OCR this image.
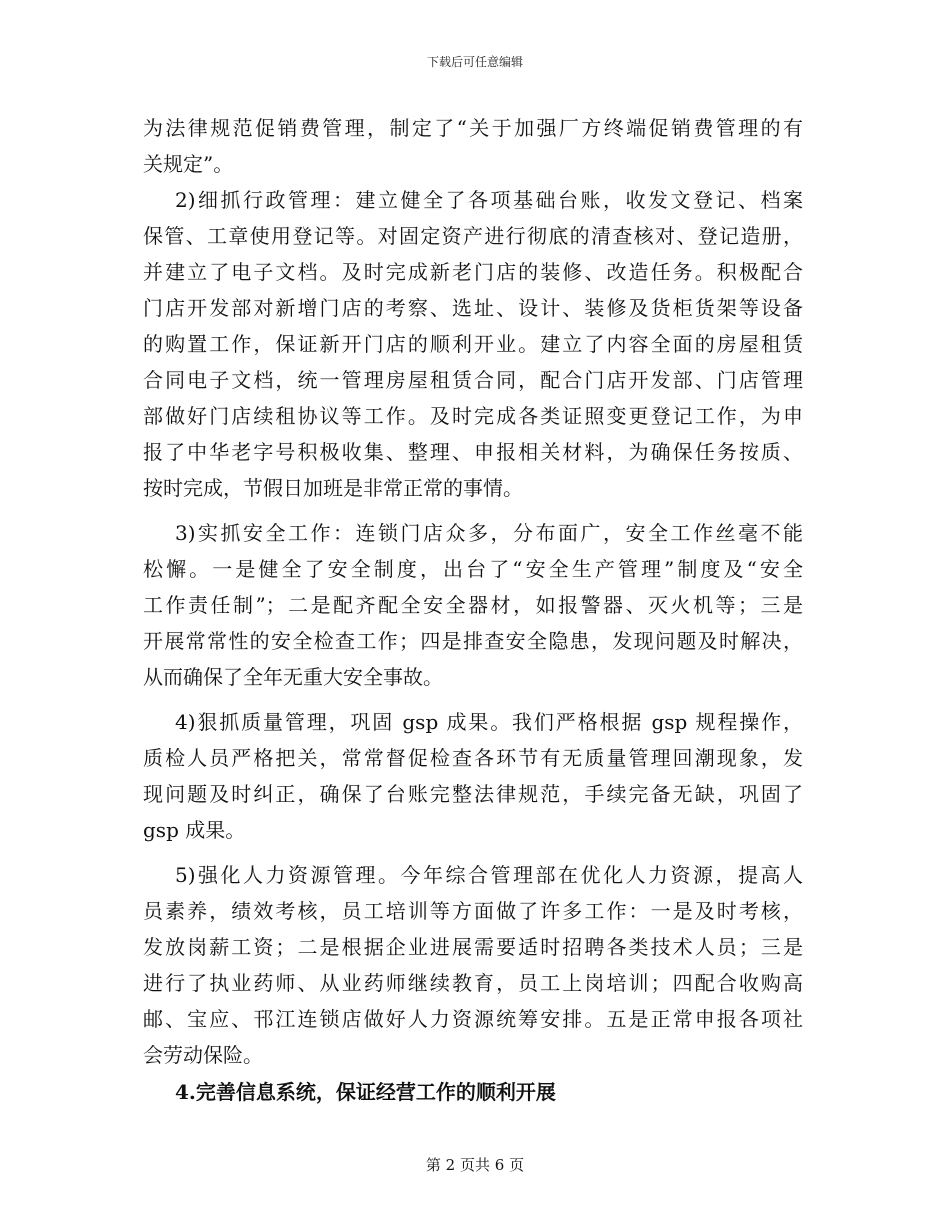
下载后可任意编辑
为法律规范促销费管理，制定了“关于加强厂方终端促销费管理的有
关规定”。
2)细抓行政管理：建立健全了各项基础台账，收发文登记、档案
保管、工章使用登记等。对固定资产进行彻底的清查核对、登记造册，
并建立了电子文档。及时完成新老门店的装修、改造任务。积极配合
门店开发部对新增门店的考察、选址、设计、装修及货柜货架等设备
的购置工作，保证新开门店的顺利开业。建立了内容全面的房屋租赁
合同电子文档，统一管理房屋租赁合同，配合门店开发部、门店管理
部做好门店续租协议等工作。及时完成各类证照变更登记工作，为申
报了中华老字号积极收集、整理、申报相关材料，为确保任务按质、
按时完成，节假日加班是非常正常的事情。
3)实抓安全工作：连锁门店众多，分布面广，安全工作丝毫不能
松懈。一是健全了安全制度，出台了“安全生产管理”制度及“安全
工作责任制”；二是配齐配全安全器材，如报警器、灭火机等；三是
开展常常性的安全检查工作；四是排查安全隐患，发现问题及时解决，
从而确保了全年无重大安全事故。
4)狠抓质量管理，巩固 gsp 成果。我们严格根据 gsp 规程操作，
质检人员严格把关，常常督促检查各环节有无质量管理回潮现象，发
现问题及时纠正，确保了台账完整法律规范，手续完备无缺，巩固了
gsp 成果。
5)强化人力资源管理。今年综合管理部在优化人力资源，提高人
员素养，绩效考核，员工培训等方面做了许多工作：一是及时考核，
发放岗薪工资；二是根据企业进展需要适时招聘各类技术人员；三是
进行了执业药师、从业药师继续教育，员工上岗培训；四配合收购高
邮、宝应、邗江连锁店做好人力资源统筹安排。五是正常申报各项社
会劳动保险。
4.完善信息系统，保证经营工作的顺利开展
第 2 页共 6 页
